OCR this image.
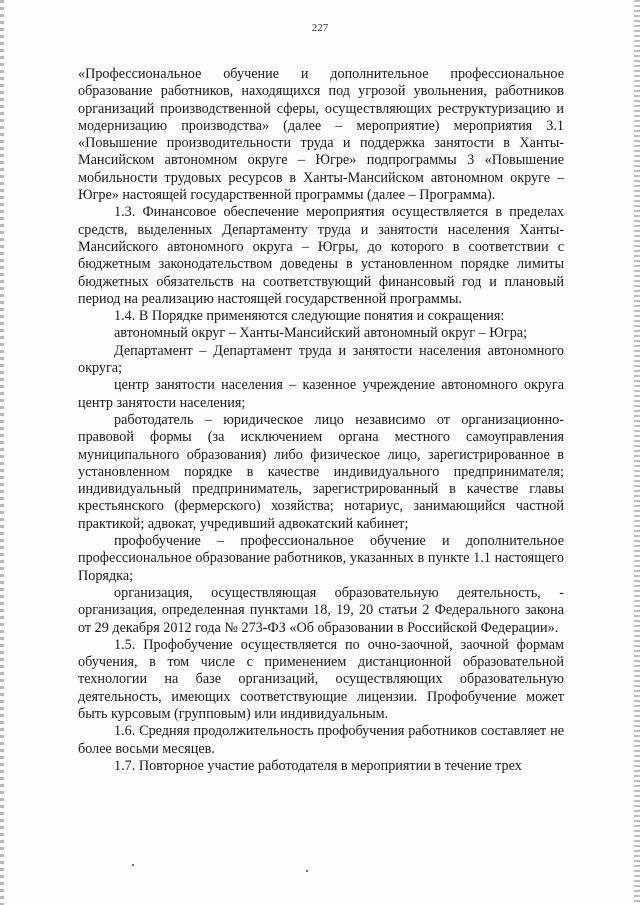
227

«Профессиональное обучение и дополнительное профессиональное образование работников, находящихся под угрозой увольнения, работников организаций производственной сферы, осуществляющих реструктуризацию и модернизацию производства» (далее – мероприятие) мероприятия 3.1 «Повышение производительности труда и поддержка занятости в Ханты-Мансийском автономном округе – Югре» подпрограммы 3 «Повышение мобильности трудовых ресурсов в Ханты-Мансийском автономном округе – Югре» настоящей государственной программы (далее – Программа).

1.3. Финансовое обеспечение мероприятия осуществляется в пределах средств, выделенных Департаменту труда и занятости населения Ханты-Мансийского автономного округа – Югры, до которого в соответствии с бюджетным законодательством доведены в установленном порядке лимиты бюджетных обязательств на соответствующий финансовый год и плановый период на реализацию настоящей государственной программы.

1.4. В Порядке применяются следующие понятия и сокращения:

автономный округ – Ханты-Мансийский автономный округ – Югра;

Департамент – Департамент труда и занятости населения автономного округа;

центр занятости населения – казенное учреждение автономного округа центр занятости населения;

работодатель – юридическое лицо независимо от организационно-правовой формы (за исключением органа местного самоуправления муниципального образования) либо физическое лицо, зарегистрированное в установленном порядке в качестве индивидуального предпринимателя; индивидуальный предприниматель, зарегистрированный в качестве главы крестьянского (фермерского) хозяйства; нотариус, занимающийся частной практикой; адвокат, учредивший адвокатский кабинет;

профобучение – профессиональное обучение и дополнительное профессиональное образование работников, указанных в пункте 1.1 настоящего Порядка;

организация, осуществляющая образовательную деятельность, - организация, определенная пунктами 18, 19, 20 статьи 2 Федерального закона от 29 декабря 2012 года № 273-ФЗ «Об образовании в Российской Федерации».

1.5. Профобучение осуществляется по очно-заочной, заочной формам обучения, в том числе с применением дистанционной образовательной технологии на базе организаций, осуществляющих образовательную деятельность, имеющих соответствующие лицензии. Профобучение может быть курсовым (групповым) или индивидуальным.

1.6. Средняя продолжительность профобучения работников составляет не более восьми месяцев.

1.7. Повторное участие работодателя в мероприятии в течение трех
